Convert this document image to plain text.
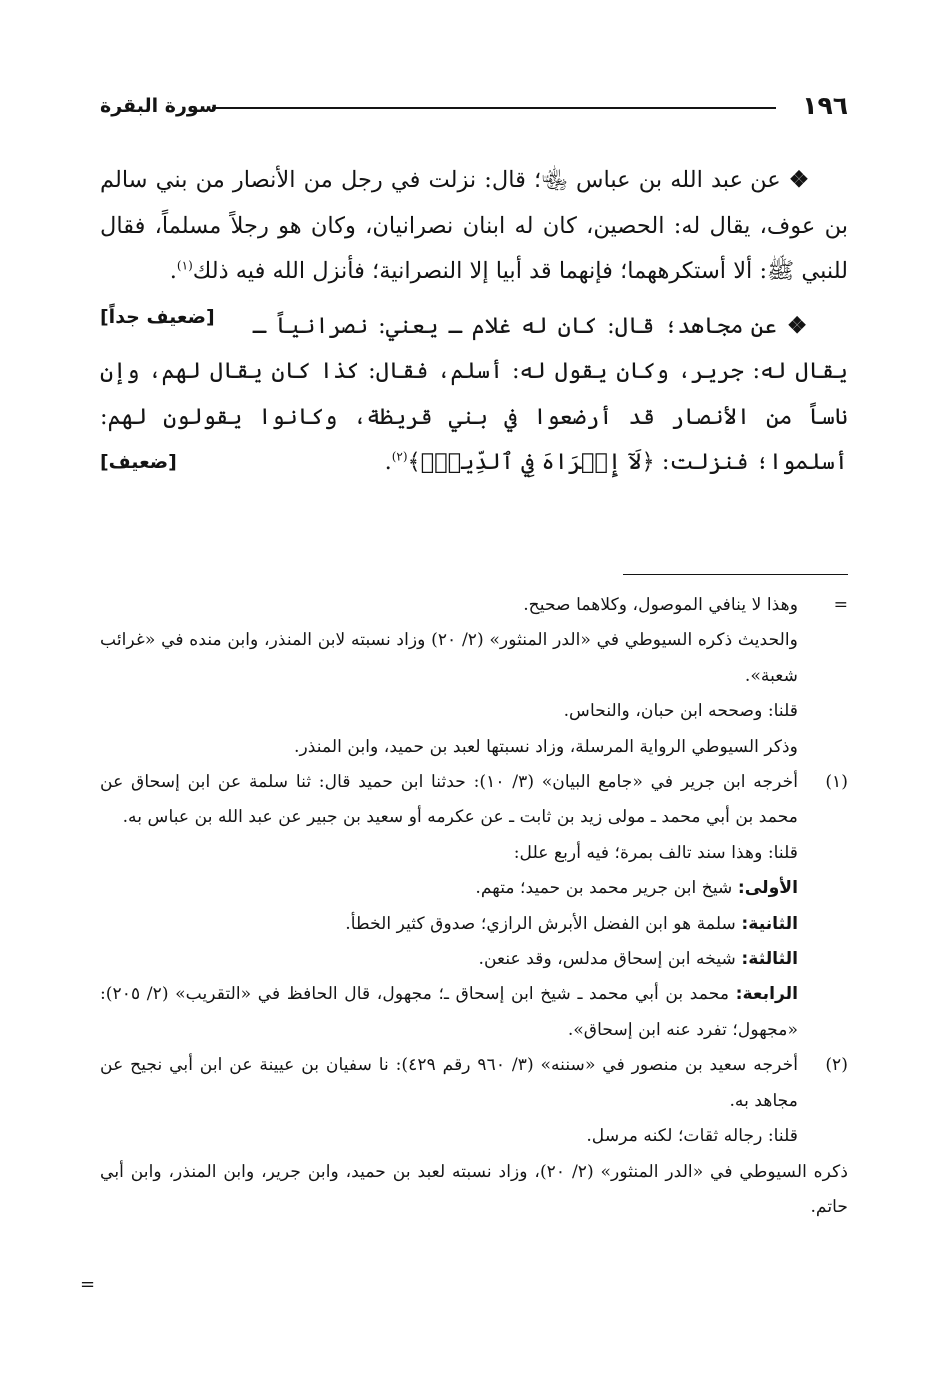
١٩٦
سورة البقرة

❖ عن عبد الله بن عباس ﵄؛ قال: نزلت في رجل من الأنصار من بني سالم بن عوف، يقال له: الحصين، كان له ابنان نصرانيان، وكان هو رجلاً مسلماً، فقال للنبي ﷺ: ألا أستكرههما؛ فإنهما قد أبيا إلا النصرانية؛ فأنزل الله فيه ذلك$^{(١)}$.
[ضعيف جداً]	❖ عن مجاهد؛ قال: كان له غلام ـ يعني: نصرانياً ـ يقال له: جرير، وكان يقول له: أسلم، فقال: كذا كان يقال لهم، وإن ناساً من الأنصار قد أرضعوا في بني قريظة، وكانوا يقولون لهم: أسلموا؛ فنزلت: ﴿لَآ إِكۡرَاهَ فِي ٱلدِّينِۖ﴾$^{(٢)}$.
[ضعيف]

=
وهذا لا ينافي الموصول، وكلاهما صحيح.
والحديث ذكره السيوطي في «الدر المنثور» (٢/ ٢٠) وزاد نسبته لابن المنذر، وابن منده في «غرائب شعبة».
قلنا: وصححه ابن حبان، والنحاس.
وذكر السيوطي الرواية المرسلة، وزاد نسبتها لعبد بن حميد، وابن المنذر.
(١)
أخرجه ابن جرير في «جامع البيان» (٣/ ١٠): حدثنا ابن حميد قال: ثنا سلمة عن ابن إسحاق عن محمد بن أبي محمد ـ مولى زيد بن ثابت ـ عن عكرمه أو سعيد بن جبير عن عبد الله بن عباس به.
قلنا: وهذا سند تالف بمرة؛ فيه أربع علل:
الأولى: شيخ ابن جرير محمد بن حميد؛ متهم.
الثانية: سلمة هو ابن الفضل الأبرش الرازي؛ صدوق كثير الخطأ.
الثالثة: شيخه ابن إسحاق مدلس، وقد عنعن.
الرابعة: محمد بن أبي محمد ـ شيخ ابن إسحاق ـ؛ مجهول، قال الحافظ في «التقريب» (٢/ ٢٠٥): «مجهول؛ تفرد عنه ابن إسحاق».
(٢)
أخرجه سعيد بن منصور في «سننه» (٣/ ٩٦٠ رقم ٤٢٩): نا سفيان بن عيينة عن ابن أبي نجيح عن مجاهد به.
قلنا: رجاله ثقات؛ لكنه مرسل.
ذكره السيوطي في «الدر المنثور» (٢/ ٢٠)، وزاد نسبته لعبد بن حميد، وابن جرير، وابن المنذر، وابن أبي حاتم.
=
